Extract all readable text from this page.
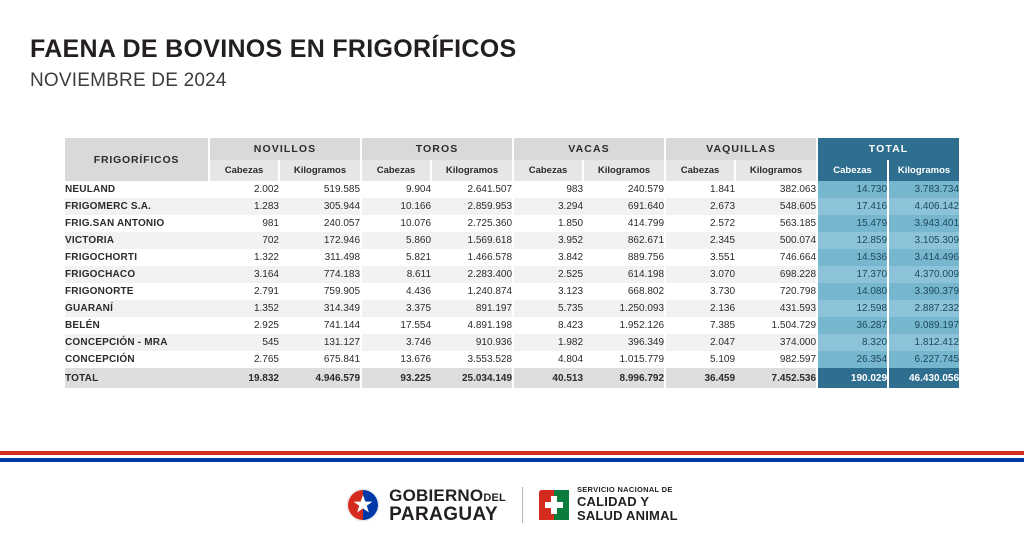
FAENA DE BOVINOS EN FRIGORÍFICOS

NOVIEMBRE DE 2024

FRIGORÍFICOS	NOVILLOS		TOROS		VACAS		VAQUILLAS		TOTAL	
	Cabezas	Kilogramos	Cabezas	Kilogramos	Cabezas	Kilogramos	Cabezas	Kilogramos	Cabezas	Kilogramos
NEULAND	2.002	519.585	9.904	2.641.507	983	240.579	1.841	382.063	14.730	3.783.734
FRIGOMERC S.A.	1.283	305.944	10.166	2.859.953	3.294	691.640	2.673	548.605	17.416	4.406.142
FRIG.SAN ANTONIO	981	240.057	10.076	2.725.360	1.850	414.799	2.572	563.185	15.479	3.943.401
VICTORIA	702	172.946	5.860	1.569.618	3.952	862.671	2.345	500.074	12.859	3.105.309
FRIGOCHORTI	1.322	311.498	5.821	1.466.578	3.842	889.756	3.551	746.664	14.536	3.414.496
FRIGOCHACO	3.164	774.183	8.611	2.283.400	2.525	614.198	3.070	698.228	17.370	4.370.009
FRIGONORTE	2.791	759.905	4.436	1.240.874	3.123	668.802	3.730	720.798	14.080	3.390.379
GUARANÍ	1.352	314.349	3.375	891.197	5.735	1.250.093	2.136	431.593	12.598	2.887.232
BELÉN	2.925	741.144	17.554	4.891.198	8.423	1.952.126	7.385	1.504.729	36.287	9.089.197
CONCEPCIÓN - MRA	545	131.127	3.746	910.936	1.982	396.349	2.047	374.000	8.320	1.812.412
CONCEPCIÓN	2.765	675.841	13.676	3.553.528	4.804	1.015.779	5.109	982.597	26.354	6.227.745
TOTAL	19.832	4.946.579	93.225	25.034.149	40.513	8.996.792	36.459	7.452.536	190.029	46.430.056
GOBIERNODEL
PARAGUAY
SERVICIO NACIONAL DE
CALIDAD Y
SALUD ANIMAL
